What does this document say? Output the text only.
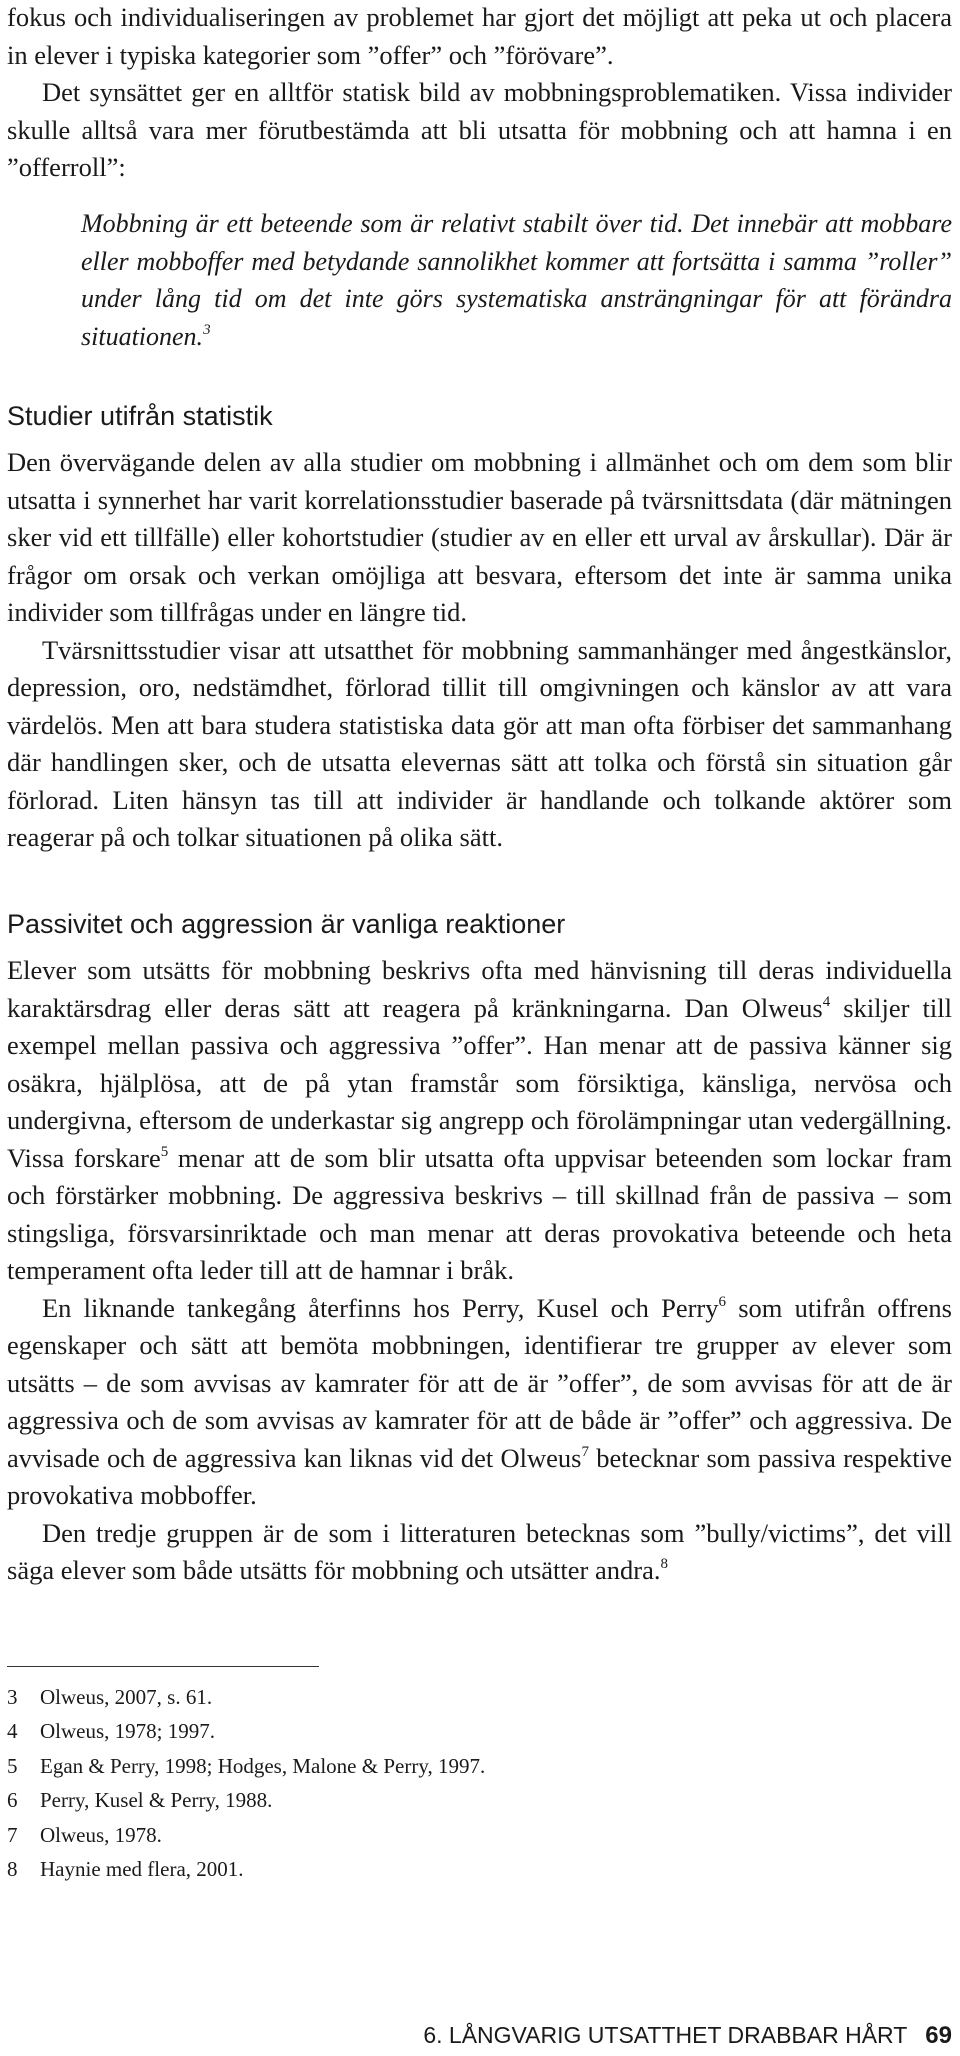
fokus och individualiseringen av problemet har gjort det möjligt att peka ut och placera in elever i typiska kategorier som ”offer” och ”förövare”.

Det synsättet ger en alltför statisk bild av mobbningsproblematiken. Vissa individer skulle alltså vara mer förutbestämda att bli utsatta för mobbning och att hamna i en ”offerroll”:

Mobbning är ett beteende som är relativt stabilt över tid. Det innebär att mobbare eller mobboffer med betydande sannolikhet kommer att fortsätta i samma ”roller” under lång tid om det inte görs systematiska ansträngningar för att förändra situationen.$^3$

Studier utifrån statistik

Den övervägande delen av alla studier om mobbning i allmänhet och om dem som blir utsatta i synnerhet har varit korrelationsstudier baserade på tvärsnittsdata (där mätningen sker vid ett tillfälle) eller kohortstudier (studier av en eller ett urval av årskullar). Där är frågor om orsak och verkan omöjliga att besvara, eftersom det inte är samma unika individer som tillfrågas under en längre tid.

Tvärsnittsstudier visar att utsatthet för mobbning sammanhänger med ångestkänslor, depression, oro, nedstämdhet, förlorad tillit till omgivningen och känslor av att vara värdelös. Men att bara studera statistiska data gör att man ofta förbiser det sammanhang där handlingen sker, och de utsatta elevernas sätt att tolka och förstå sin situation går förlorad. Liten hänsyn tas till att individer är handlande och tolkande aktörer som reagerar på och tolkar situationen på olika sätt.

Passivitet och aggression är vanliga reaktioner

Elever som utsätts för mobbning beskrivs ofta med hänvisning till deras individuella karaktärsdrag eller deras sätt att reagera på kränkningarna. Dan Olweus$^4$ skiljer till exempel mellan passiva och aggressiva ”offer”. Han menar att de passiva känner sig osäkra, hjälplösa, att de på ytan framstår som försiktiga, känsliga, nervösa och undergivna, eftersom de underkastar sig angrepp och förolämpningar utan vedergällning. Vissa forskare$^5$ menar att de som blir utsatta ofta uppvisar beteenden som lockar fram och förstärker mobbning. De aggressiva beskrivs – till skillnad från de passiva – som stingsliga, försvarsinriktade och man menar att deras provokativa beteende och heta temperament ofta leder till att de hamnar i bråk.

En liknande tankegång återfinns hos Perry, Kusel och Perry$^6$ som utifrån offrens egenskaper och sätt att bemöta mobbningen, identifierar tre grupper av elever som utsätts – de som avvisas av kamrater för att de är ”offer”, de som avvisas för att de är aggressiva och de som avvisas av kamrater för att de både är ”offer” och aggressiva. De avvisade och de aggressiva kan liknas vid det Olweus$^7$ betecknar som passiva respektive provokativa mobboffer.

Den tredje gruppen är de som i litteraturen betecknas som ”bully/victims”, det vill säga elever som både utsätts för mobbning och utsätter andra.$^8$

3 Olweus, 2007, s. 61.
4 Olweus, 1978; 1997.
5 Egan & Perry, 1998; Hodges, Malone & Perry, 1997.
6 Perry, Kusel & Perry, 1988.
7 Olweus, 1978.
8 Haynie med flera, 2001.
6. LÅNGVARIG UTSATTHET DRABBAR HÅRT 69
